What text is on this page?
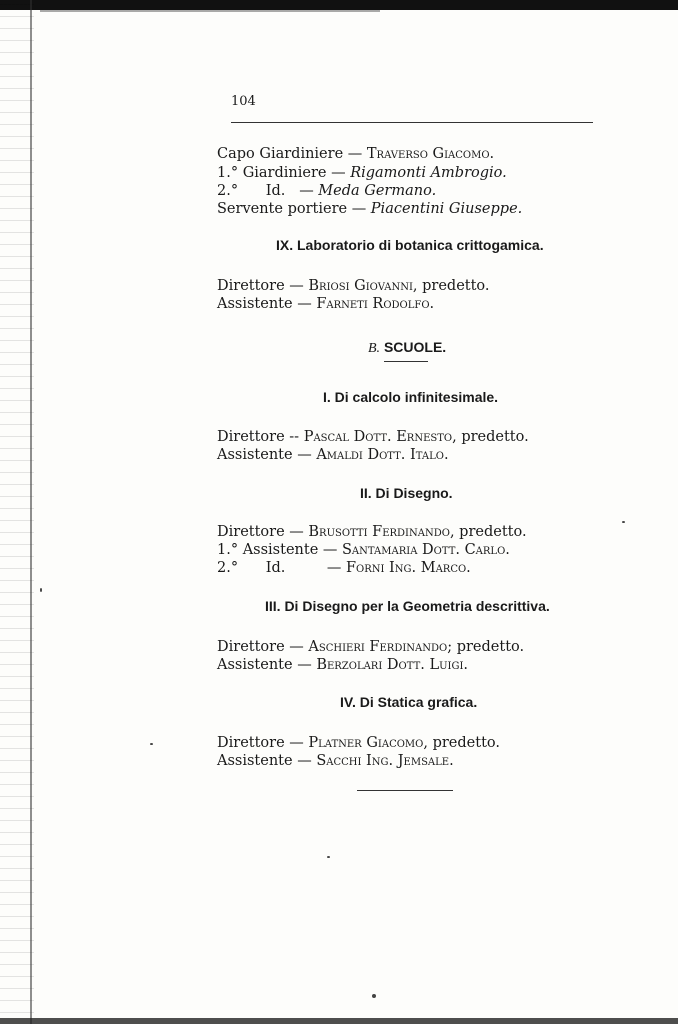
104
Capo Giardiniere — Traverso Giacomo.
1.° Giardiniere — Rigamonti Ambrogio.
2.°      Id. — Meda Germano.
Servente portiere — Piacentini Giuseppe.
IX. Laboratorio di botanica crittogamica.
Direttore — Briosi Giovanni, predetto.
Assistente — Farneti Rodolfo.
B. SCUOLE.
I. Di calcolo infinitesimale.
Direttore -- Pascal Dott. Ernesto, predetto.
Assistente — Amaldi Dott. Italo.
II. Di Disegno.
Direttore — Brusotti Ferdinando, predetto.
1.° Assistente — Santamaria Dott. Carlo.
2.°      Id.	— Forni Ing. Marco.
III. Di Disegno per la Geometria descrittiva.
Direttore — Aschieri Ferdinando; predetto.
Assistente — Berzolari Dott. Luigi.
IV. Di Statica grafica.
Direttore — Platner Giacomo, predetto.
Assistente — Sacchi Ing. Jemsale.
